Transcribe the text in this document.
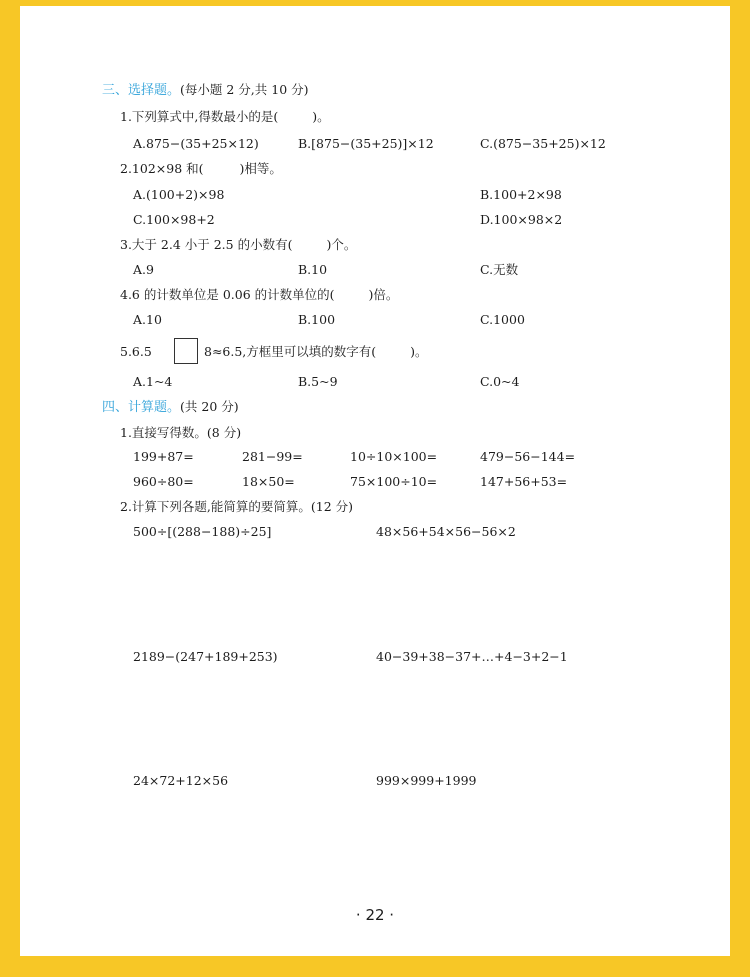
三、选择题。(每小题 2 分,共 10 分)
1.下列算式中,得数最小的是(	)。
A.875−(35+25×12)	B.[875−(35+25)]×12	C.(875−35+25)×12
2.102×98 和(	)相等。
A.(100+2)×98	B.100+2×98
C.100×98+2	D.100×98×2
3.大于 2.4 小于 2.5 的小数有(	)个。
A.9	B.10	C.无数
4.6 的计数单位是 0.06 的计数单位的(	)倍。
A.10	B.100	C.1000
5.6.5	8≈6.5,方框里可以填的数字有(	)。
A.1~4	B.5~9	C.0~4
四、计算题。(共 20 分)
1.直接写得数。(8 分)
199+87=	281−99=	10÷10×100=	479−56−144=
960÷80=	18×50=	75×100÷10=	147+56+53=
2.计算下列各题,能简算的要简算。(12 分)
500÷[(288−188)÷25]	48×56+54×56−56×2
2189−(247+189+253)	40−39+38−37+…+4−3+2−1
24×72+12×56	999×999+1999
· 22 ·
